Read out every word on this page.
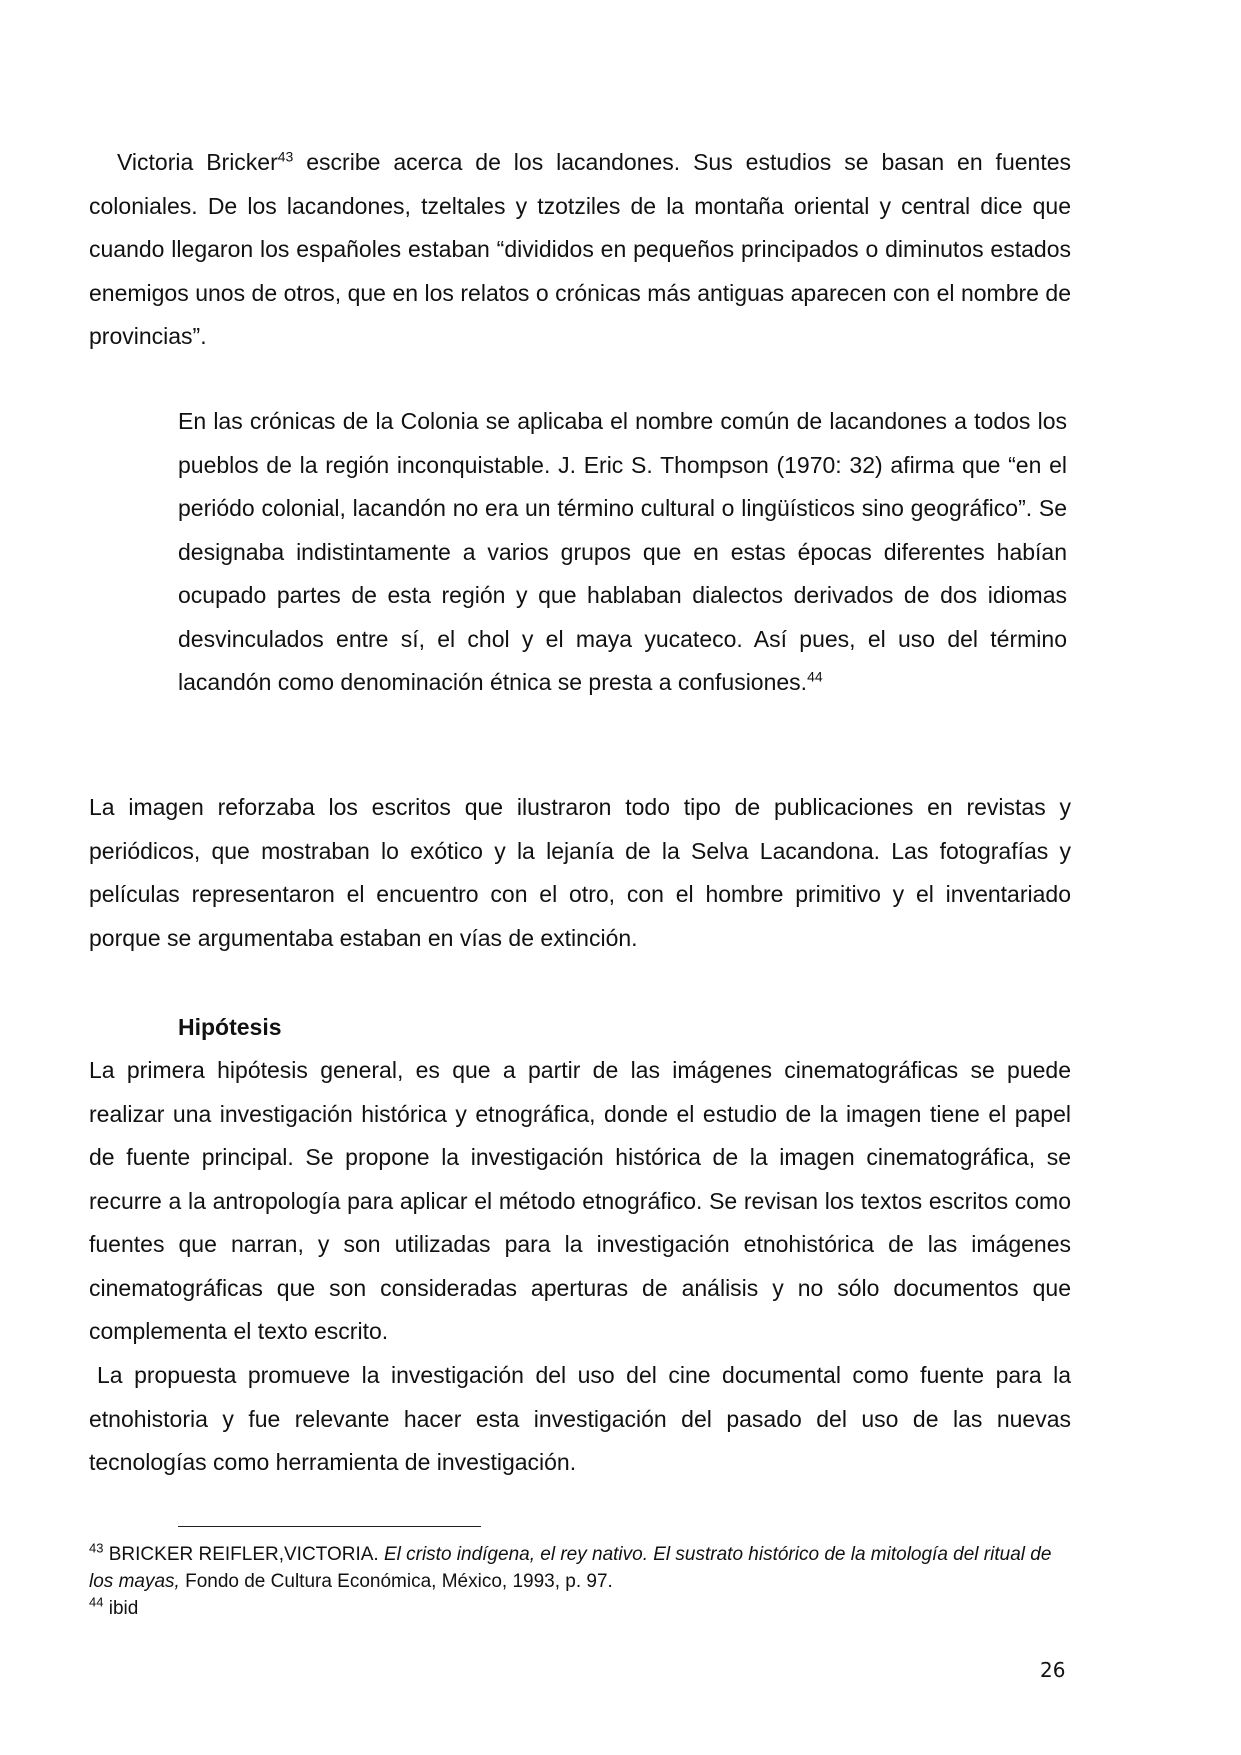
Victoria Bricker$^{43}$ escribe acerca de los lacandones. Sus estudios se basan en fuentes coloniales. De los lacandones, tzeltales y tzotziles de la montaña oriental y central dice que cuando llegaron los españoles estaban “divididos en pequeños principados o diminutos estados enemigos unos de otros, que en los relatos o crónicas más antiguas aparecen con el nombre de provincias”.

En las crónicas de la Colonia se aplicaba el nombre común de lacandones a todos los pueblos de la región inconquistable. J. Eric S. Thompson (1970: 32) afirma que “en el periódo colonial, lacandón no era un término cultural o lingüísticos sino geográfico”. Se designaba indistintamente a varios grupos que en estas épocas diferentes habían ocupado partes de esta región y que hablaban dialectos derivados de dos idiomas desvinculados entre sí, el chol y el maya yucateco. Así pues, el uso del término lacandón como denominación étnica se presta a confusiones.$^{44}$

La imagen reforzaba los escritos que ilustraron todo tipo de publicaciones en revistas y periódicos, que mostraban lo exótico y la lejanía de la Selva Lacandona. Las fotografías y películas representaron el encuentro con el otro, con el hombre primitivo y el inventariado porque se argumentaba estaban en vías de extinción.

Hipótesis

La primera hipótesis general, es que a partir de las imágenes cinematográficas se puede realizar una investigación histórica y etnográfica, donde el estudio de la imagen tiene el papel de fuente principal. Se propone la investigación histórica de la imagen cinematográfica, se recurre a la antropología para aplicar el método etnográfico. Se revisan los textos escritos como fuentes que narran, y son utilizadas para la investigación etnohistórica de las imágenes cinematográficas que son consideradas aperturas de análisis y no sólo documentos que complementa el texto escrito.

La propuesta promueve la investigación del uso del cine documental como fuente para la etnohistoria y fue relevante hacer esta investigación del pasado del uso de las nuevas tecnologías como herramienta de investigación.

$^{43}$ BRICKER REIFLER,VICTORIA. El cristo indígena, el rey nativo. El sustrato histórico de la mitología del ritual de los mayas, Fondo de Cultura Económica, México, 1993, p. 97.

$^{44}$ ibid

26
